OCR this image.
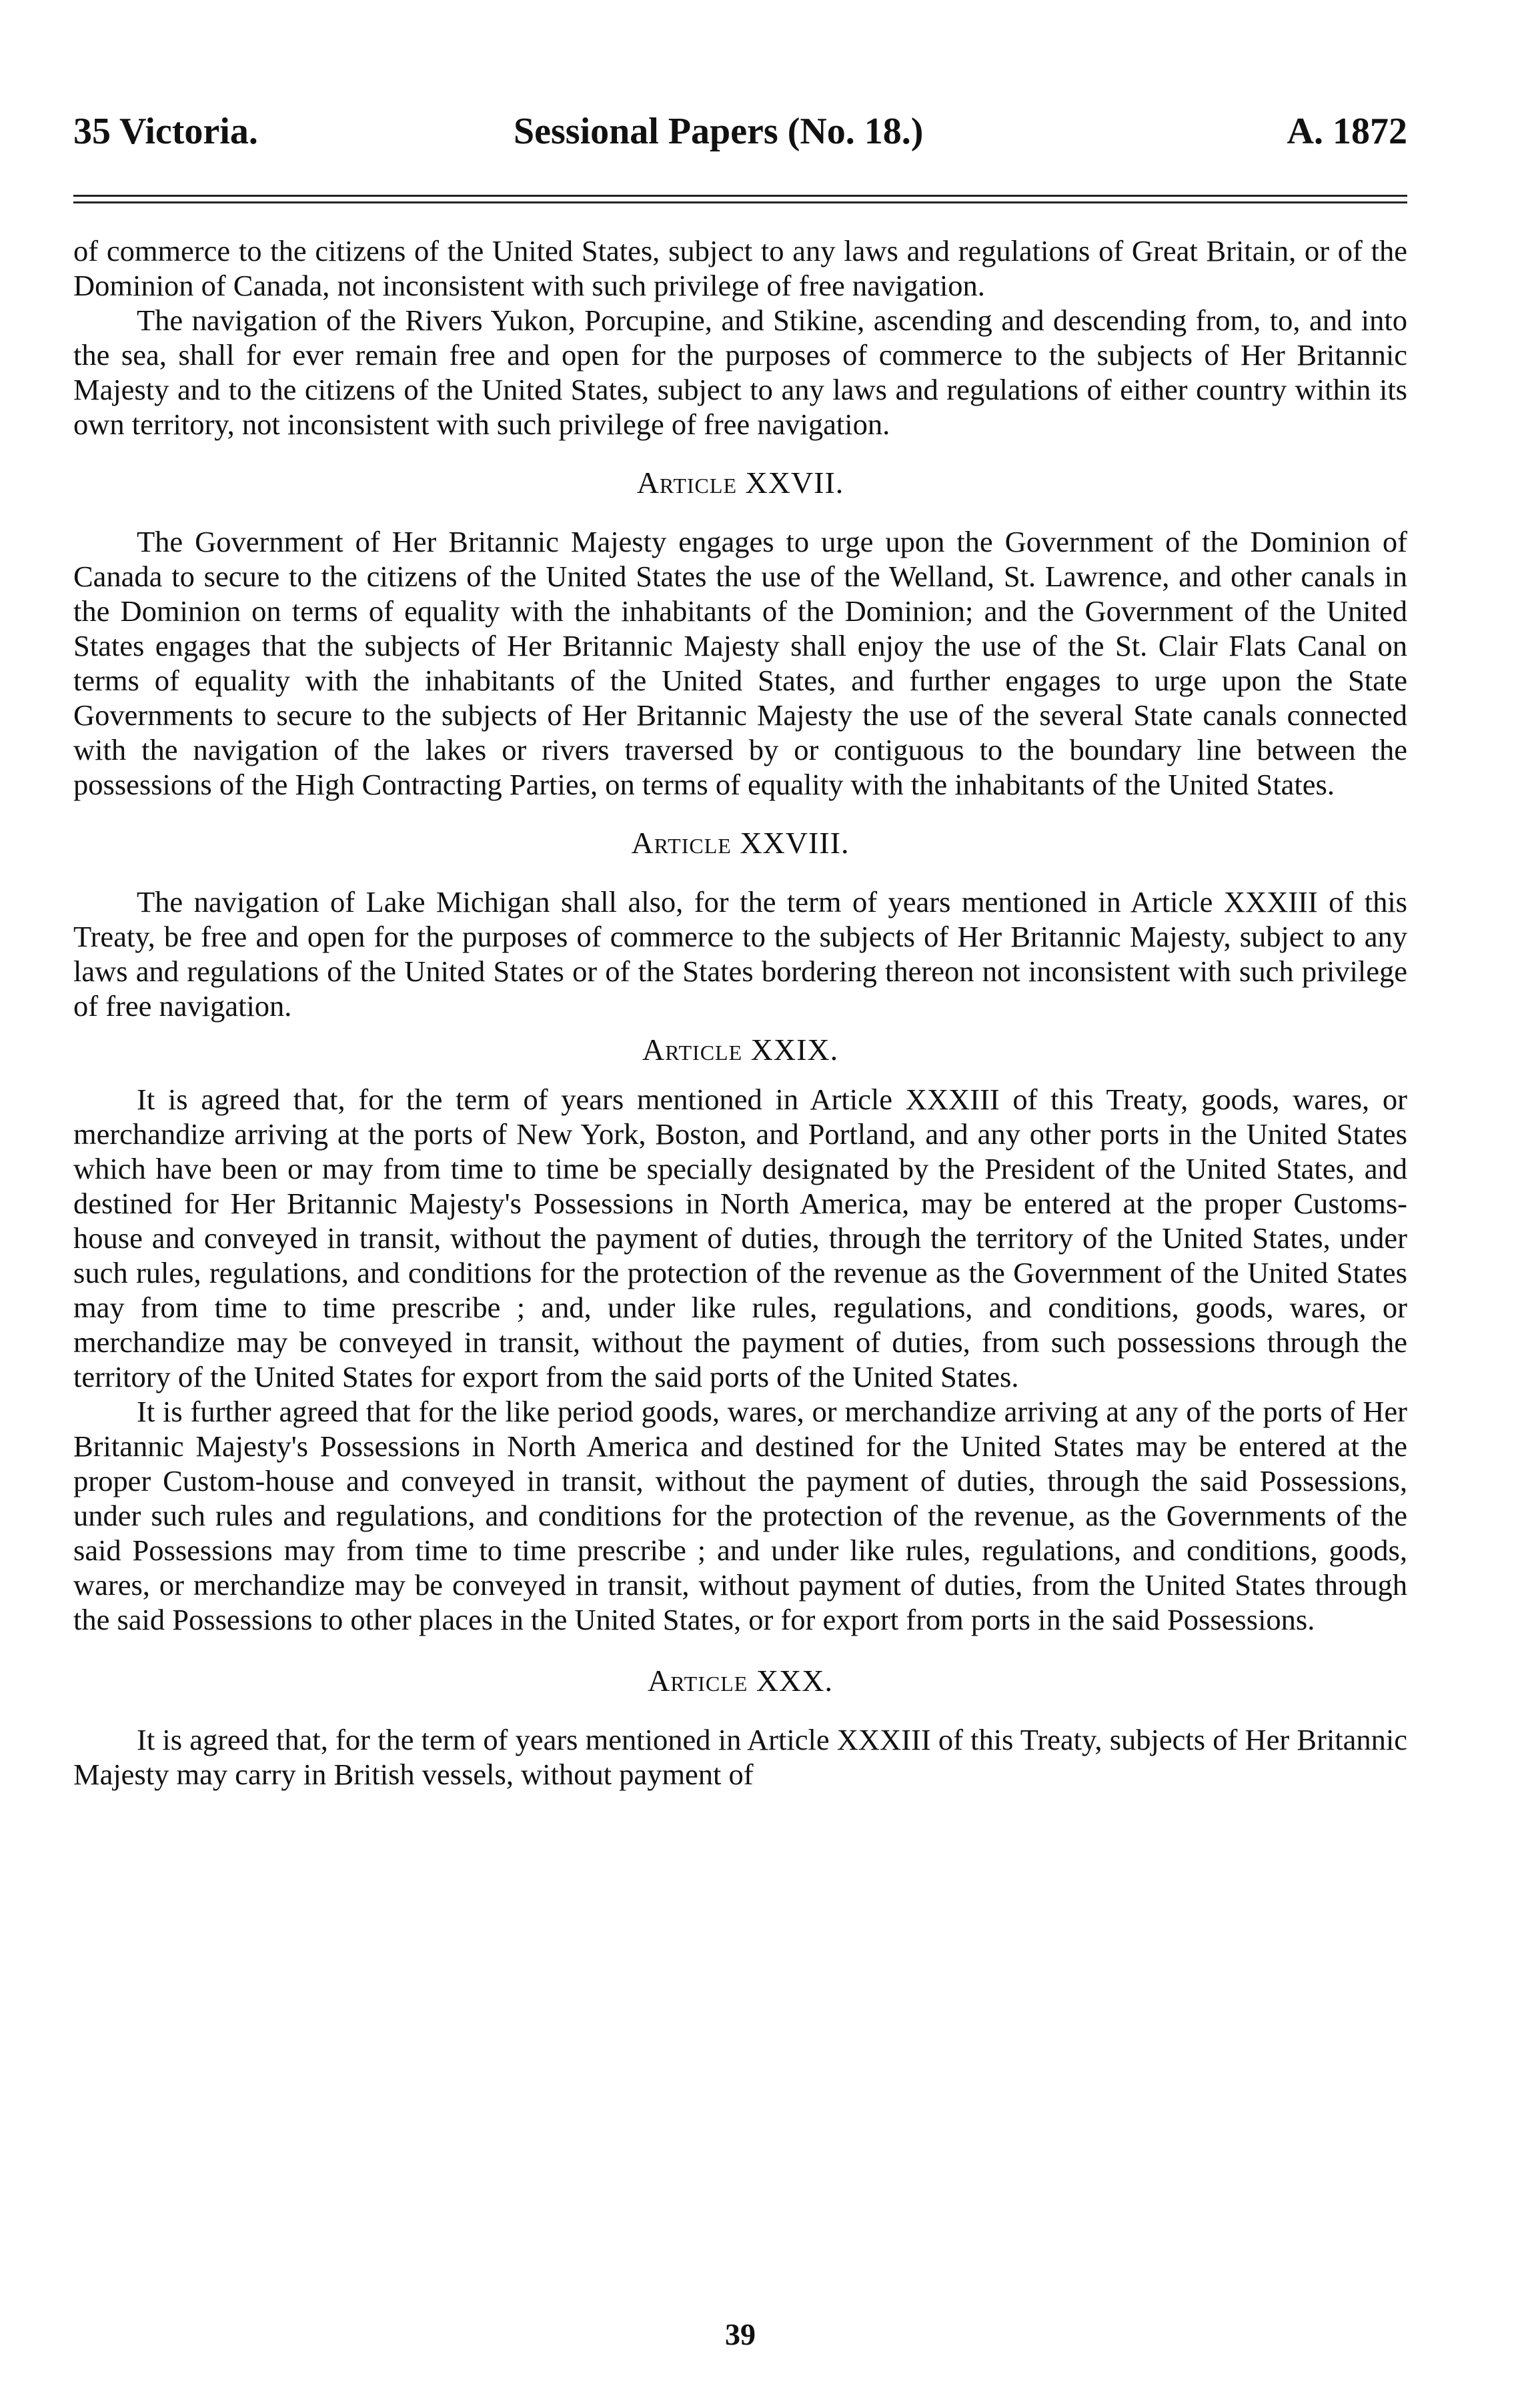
35 Victoria.	Sessional Papers (No. 18.)	A. 1872

of commerce to the citizens of the United States, subject to any laws and regulations of Great Britain, or of the Dominion of Canada, not inconsistent with such privilege of free navigation.

The navigation of the Rivers Yukon, Porcupine, and Stikine, ascending and descending from, to, and into the sea, shall for ever remain free and open for the purposes of commerce to the subjects of Her Britannic Majesty and to the citizens of the United States, subject to any laws and regulations of either country within its own territory, not inconsistent with such privilege of free navigation.

Article XXVII.

The Government of Her Britannic Majesty engages to urge upon the Government of the Dominion of Canada to secure to the citizens of the United States the use of the Welland, St. Lawrence, and other canals in the Dominion on terms of equality with the inhabitants of the Dominion; and the Government of the United States engages that the subjects of Her Britannic Majesty shall enjoy the use of the St. Clair Flats Canal on terms of equality with the inhabitants of the United States, and further engages to urge upon the State Governments to secure to the subjects of Her Britannic Majesty the use of the several State canals connected with the navigation of the lakes or rivers traversed by or contiguous to the boundary line between the possessions of the High Contracting Parties, on terms of equality with the inhabitants of the United States.

Article XXVIII.

The navigation of Lake Michigan shall also, for the term of years mentioned in Article XXXIII of this Treaty, be free and open for the purposes of commerce to the subjects of Her Britannic Majesty, subject to any laws and regulations of the United States or of the States bordering thereon not inconsistent with such privilege of free navigation.

Article XXIX.

It is agreed that, for the term of years mentioned in Article XXXIII of this Treaty, goods, wares, or merchandize arriving at the ports of New York, Boston, and Portland, and any other ports in the United States which have been or may from time to time be specially designated by the President of the United States, and destined for Her Britannic Majesty's Possessions in North America, may be entered at the proper Customs-house and conveyed in transit, without the payment of duties, through the territory of the United States, under such rules, regulations, and conditions for the protection of the revenue as the Government of the United States may from time to time prescribe ; and, under like rules, regulations, and conditions, goods, wares, or merchandize may be conveyed in transit, without the payment of duties, from such possessions through the territory of the United States for export from the said ports of the United States.

It is further agreed that for the like period goods, wares, or merchandize arriving at any of the ports of Her Britannic Majesty's Possessions in North America and destined for the United States may be entered at the proper Custom-house and conveyed in transit, without the payment of duties, through the said Possessions, under such rules and regulations, and conditions for the protection of the revenue, as the Governments of the said Possessions may from time to time prescribe ; and under like rules, regulations, and conditions, goods, wares, or merchandize may be conveyed in transit, without payment of duties, from the United States through the said Possessions to other places in the United States, or for export from ports in the said Possessions.

Article XXX.

It is agreed that, for the term of years mentioned in Article XXXIII of this Treaty, subjects of Her Britannic Majesty may carry in British vessels, without payment of

39
